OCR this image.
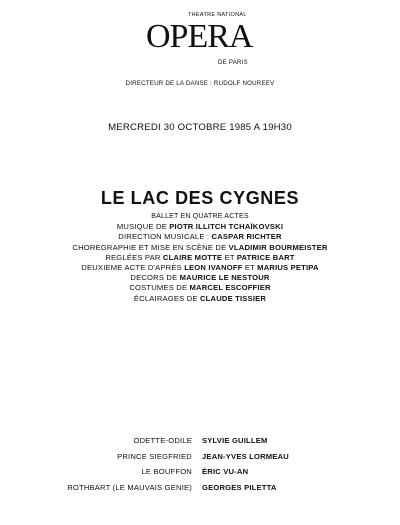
THEATRE NATIONAL
OPERA
DE PARIS
DIRECTEUR DE LA DANSE : RUDOLF NOUREEV
MERCREDI 30 OCTOBRE 1985 A 19H30
LE LAC DES CYGNES
BALLET EN QUATRE ACTES
MUSIQUE DE PIOTR ILLITCH TCHAÏKOVSKI
DIRECTION MUSICALE : CASPAR RICHTER
CHOREGRAPHIE ET MISE EN SCÈNE DE VLADIMIR BOURMEISTER
REGLÉES PAR CLAIRE MOTTE ET PATRICE BART
DEUXIEME ACTE D'APRÈS LEON IVANOFF ET MARIUS PETIPA
DECORS DE MAURICE LE NESTOUR
COSTUMES DE MARCEL ESCOFFIER
ÉCLAIRAGES DE CLAUDE TISSIER
ODETTE-ODILE SYLVIE GUILLEM
PRINCE SIEGFRIED JEAN-YVES LORMEAU
LE BOUFFON ÉRIC VU-AN
ROTHBART (LE MAUVAIS GENIE) GEORGES PILETTA
